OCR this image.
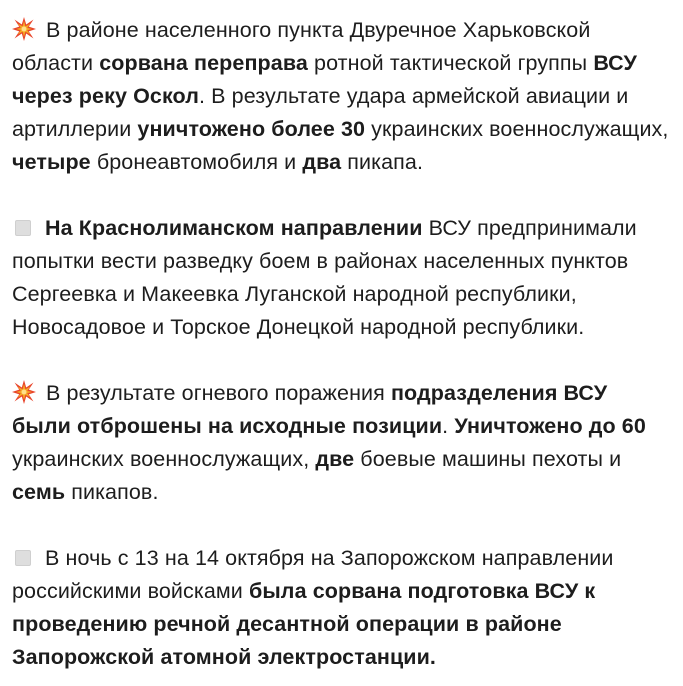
В районе населенного пункта Двуречное Харьковской области сорвана переправа ротной тактической группы ВСУ через реку Оскол. В результате удара армейской авиации и артиллерии уничтожено более 30 украинских военнослужащих, четыре бронеавтомобиля и два пикапа.

На Краснолиманском направлении ВСУ предпринимали попытки вести разведку боем в районах населенных пунктов Сергеевка и Макеевка Луганской народной республики, Новосадовое и Торское Донецкой народной республики.

В результате огневого поражения подразделения ВСУ были отброшены на исходные позиции. Уничтожено до 60 украинских военнослужащих, две боевые машины пехоты и семь пикапов.

В ночь с 13 на 14 октября на Запорожском направлении российскими войсками была сорвана подготовка ВСУ к проведению речной десантной операции в районе Запорожской атомной электростанции.
